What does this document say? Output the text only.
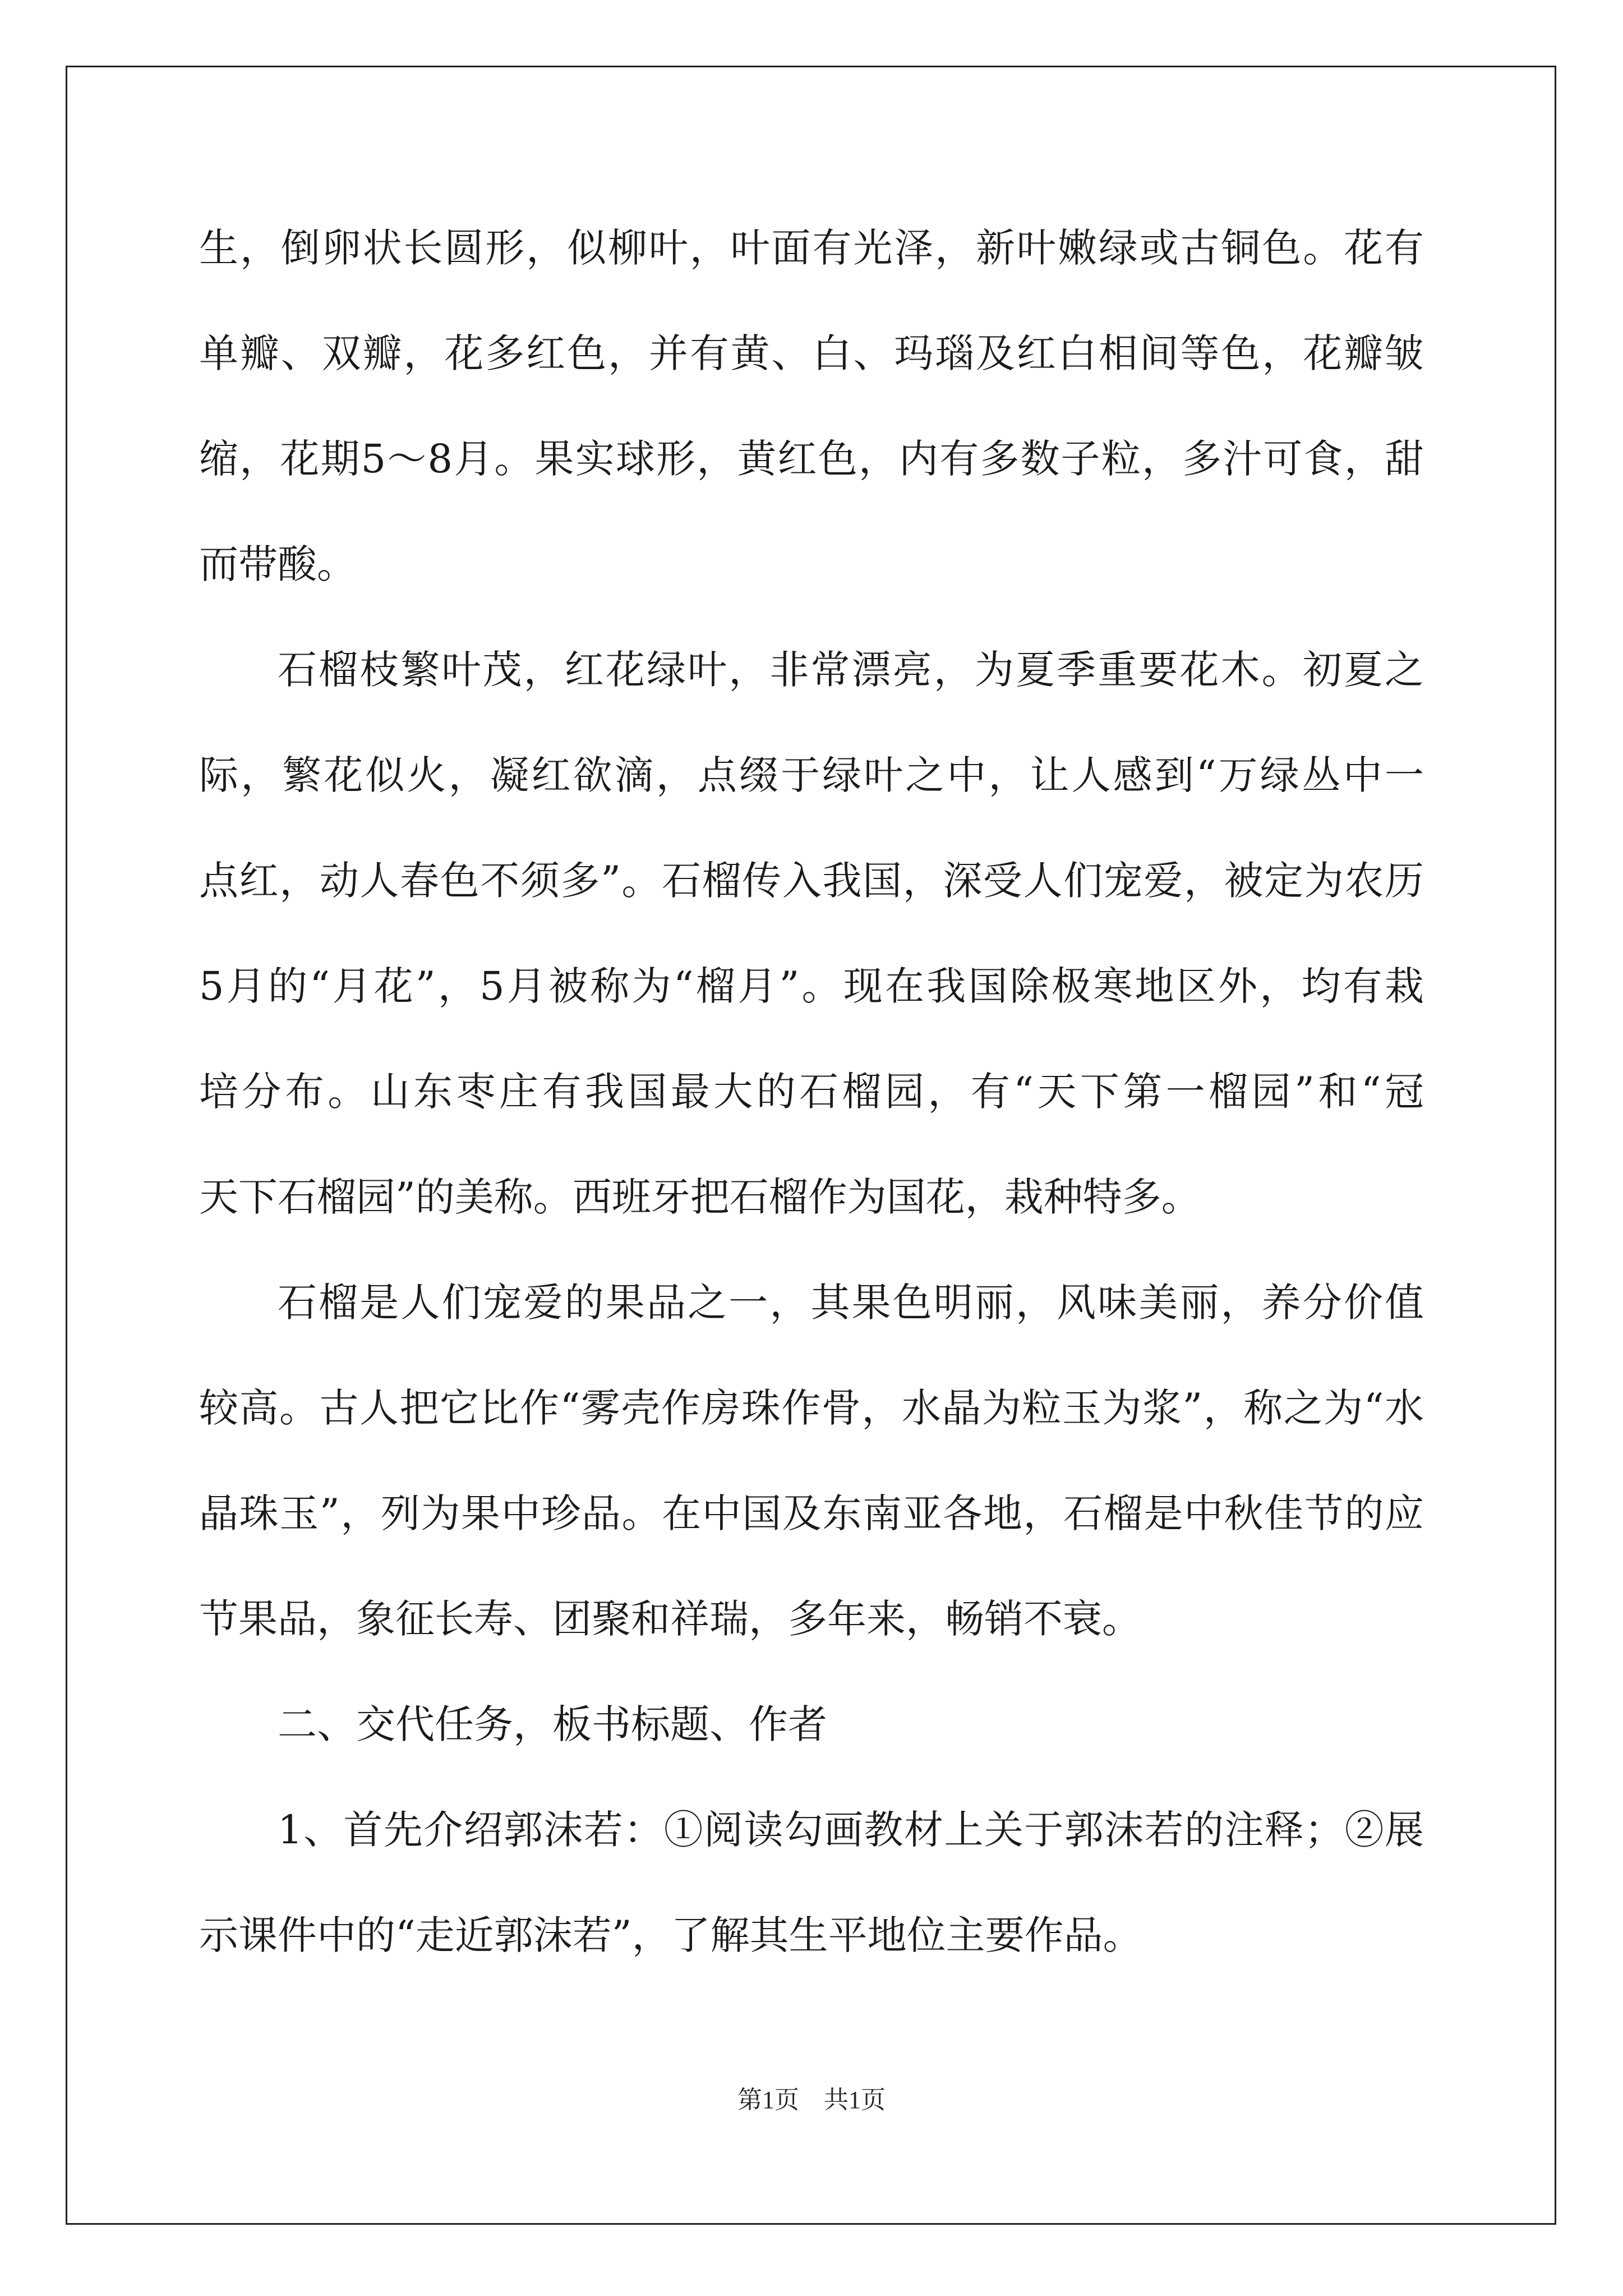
生，倒卵状长圆形，似柳叶，叶面有光泽，新叶嫩绿或古铜色。花有
单瓣、双瓣，花多红色，并有黄、白、玛瑙及红白相间等色，花瓣皱
缩，花期5～8月。果实球形，黄红色，内有多数子粒，多汁可食，甜
而带酸。
石榴枝繁叶茂，红花绿叶，非常漂亮，为夏季重要花木。初夏之
际，繁花似火，凝红欲滴，点缀于绿叶之中，让人感到“万绿丛中一
点红，动人春色不须多”。石榴传入我国，深受人们宠爱，被定为农历
5月的“月花”，5月被称为“榴月”。现在我国除极寒地区外，均有栽
培分布。山东枣庄有我国最大的石榴园，有“天下第一榴园”和“冠
天下石榴园”的美称。西班牙把石榴作为国花，栽种特多。
石榴是人们宠爱的果品之一，其果色明丽，风味美丽，养分价值
较高。古人把它比作“雾壳作房珠作骨，水晶为粒玉为浆”，称之为“水
晶珠玉”，列为果中珍品。在中国及东南亚各地，石榴是中秋佳节的应
节果品，象征长寿、团聚和祥瑞，多年来，畅销不衰。
二、交代任务，板书标题、作者
1、首先介绍郭沫若：①阅读勾画教材上关于郭沫若的注释；②展
示课件中的“走近郭沫若”，了解其生平地位主要作品。
第1页　共1页
